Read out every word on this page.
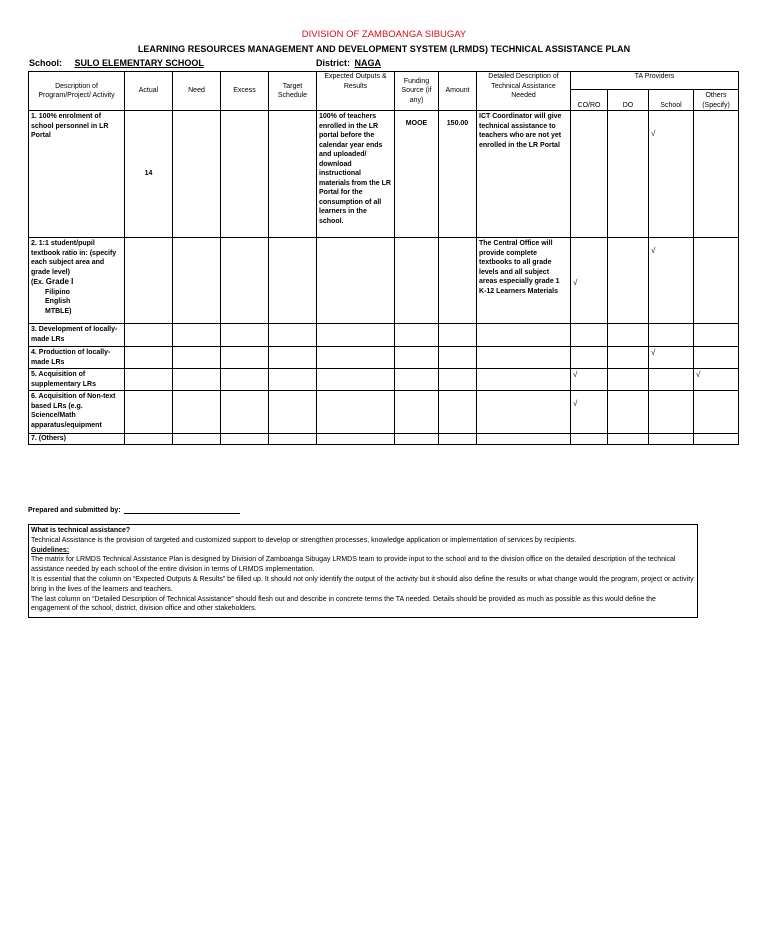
DIVISION OF ZAMBOANGA SIBUGAY
LEARNING RESOURCES MANAGEMENT AND DEVELOPMENT SYSTEM (LRMDS) TECHNICAL ASSISTANCE PLAN
School: SULO ELEMENTARY SCHOOL	District: NAGA
Description of Program/Project/ Activity	Actual	Need	Excess	Target Schedule	Expected Outputs & Results	Funding Source (if any)	Amount	Detailed Description of Technical Assistance Needed	TA Providers			
									CO/RO	DO	School	Others (Specify)
1. 100% enrolment of school personnel in LR Portal	14				100% of teachers enrolled in the LR portal before the calendar year ends and uploaded/ download instructional materials from the LR Portal for the consumption of all learners in the school.	MOOE	150.00	ICT Coordinator will give technical assistance to teachers who are not yet enrolled in the LR Portal			√	
2. 1:1 student/pupil textbook ratio in: (specify each subject area and grade level)
(Ex. Grade I
Filipino
English
MTBLE)								The Central Office will provide complete textbooks to all grade levels and all subject areas especially grade 1 K-12 Learners Materials	√		√	
3. Development of locally-made LRs												
4. Production of locally-made LRs											√	
5. Acquisition of supplementary LRs									√			√
6. Acquisition of Non-text based LRs (e.g. Science/Math apparatus/equipment									√			
7. (Others)												
Prepared and submitted by:

What is technical assistance?

Technical Assistance is the provision of targeted and customized support to develop or strengthen processes, knowledge application or implementation of services by recipients.

Guidelines:

The matrix for LRMDS Technical Assistance Plan is designed by Division of Zamboanga Sibugay LRMDS team to provide input to the school and to the division office on the detailed description of the technical assistance needed by each school of the entire division in terms of LRMDS implementation.

It is essential that the column on “Expected Outputs & Results” be filled up. It should not only identify the output of the activity but it should also define the results or what change would the program, project or activity bring in the lives of the learners and teachers.

The last column on “Detailed Description of Technical Assistance” should flesh out and describe in concrete terms the TA needed. Details should be provided as much as possible as this would define the engagement of the school, district, division office and other stakeholders.
